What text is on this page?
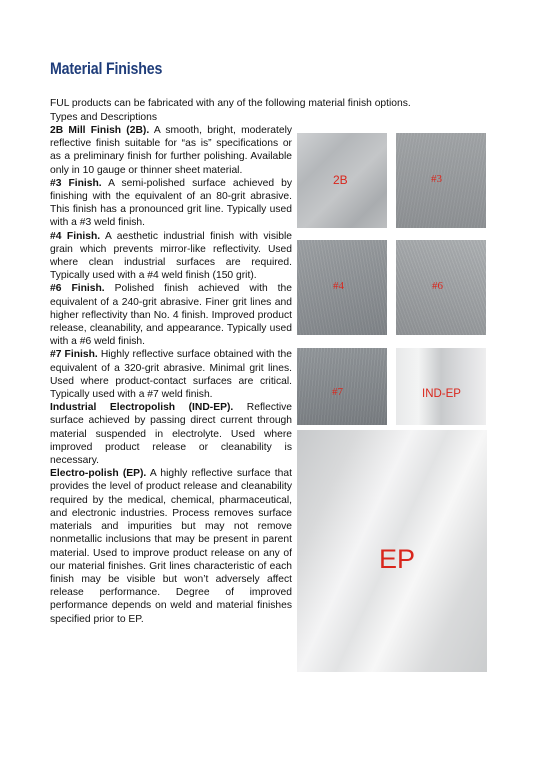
Material Finishes
FUL products can be fabricated with any of the following material finish options.
Types and Descriptions

2B Mill Finish (2B). A smooth, bright, moderately reflective finish suitable for “as is” specifications or as a preliminary finish for further polishing. Available only in 10 gauge or thinner sheet material.

#3 Finish. A semi-polished surface achieved by finishing with the equivalent of an 80-grit abrasive. This finish has a pronounced grit line. Typically used with a #3 weld finish.

#4 Finish. A aesthetic industrial finish with visible grain which prevents mirror-like reflectivity. Used where clean industrial surfaces are required. Typically used with a #4 weld finish (150 grit).

#6 Finish. Polished finish achieved with the equivalent of a 240-grit abrasive. Finer grit lines and higher reflectivity than No. 4 finish. Improved product release, cleanability, and appearance. Typically used with a #6 weld finish.

#7 Finish. Highly reflective surface obtained with the equivalent of a 320-grit abrasive. Minimal grit lines. Used where product-contact surfaces are critical. Typically used with a #7 weld finish.

Industrial Electropolish (IND-EP). Reflective surface achieved by passing direct current through material suspended in electrolyte. Used where improved product release or cleanability is necessary.

Electro-polish (EP). A highly reflective surface that provides the level of product release and cleanability required by the medical, chemical, pharmaceutical, and electronic industries. Process removes surface materials and impurities but may not remove nonmetallic inclusions that may be present in parent material. Used to improve product release on any of our material finishes. Grit lines characteristic of each finish may be visible but won’t adversely affect release performance. Degree of improved performance depends on weld and material finishes specified prior to EP.

2B	#3
#4	#6
#7	IND-EP
EP
